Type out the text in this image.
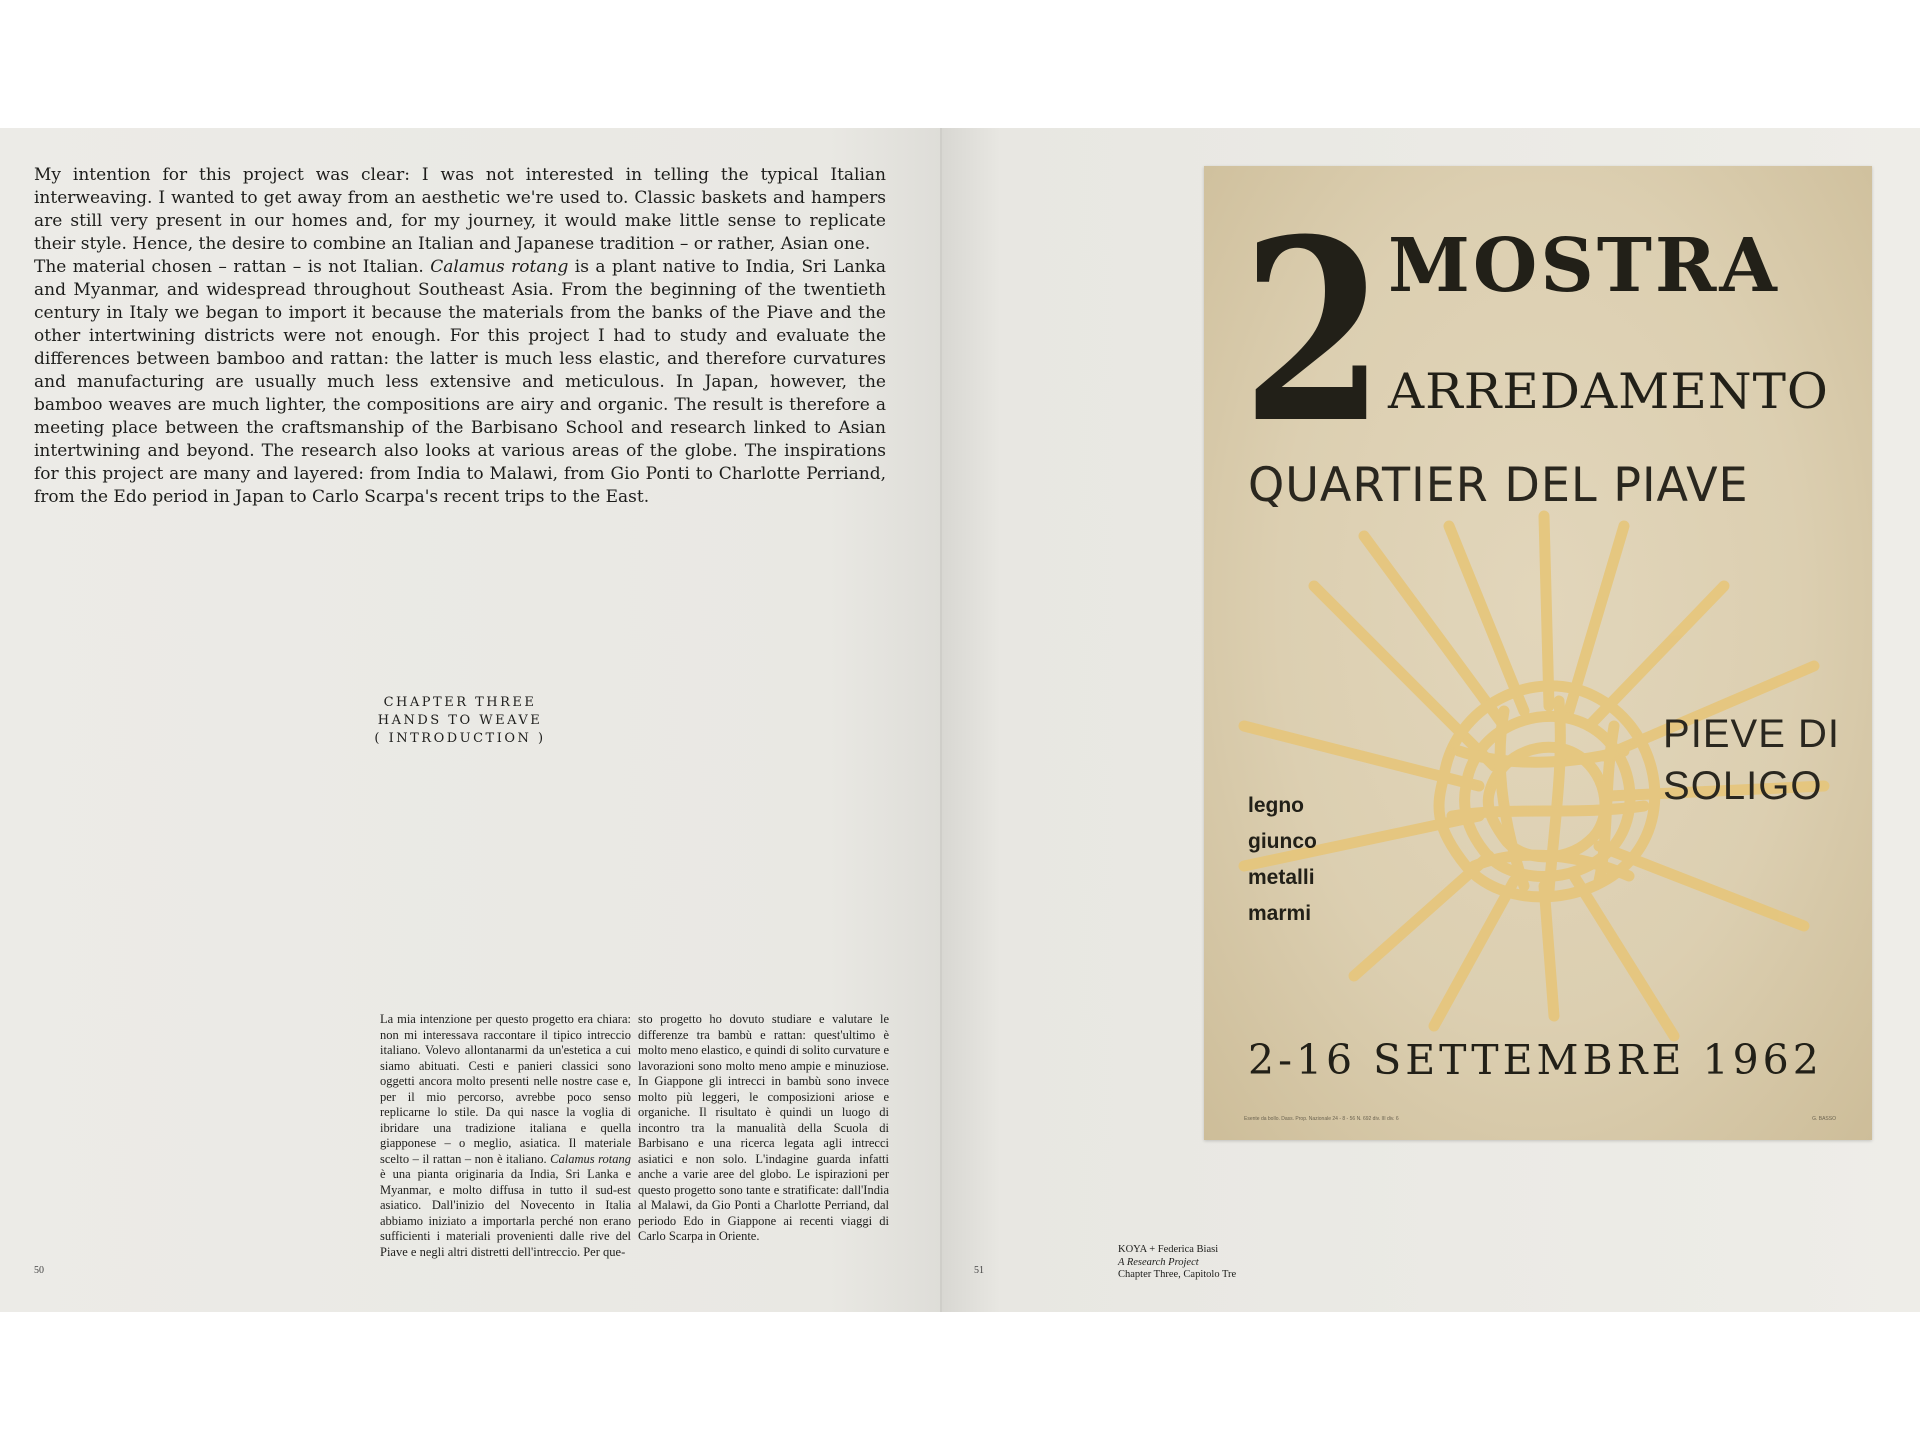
My intention for this project was clear: I was not interested in telling the typical Italian interweaving. I wanted to get away from an aesthetic we're used to. Classic baskets and hampers are still very present in our homes and, for my journey, it would make little sense to replicate their style. Hence, the desire to combine an Italian and Japanese tradition – or rather, Asian one.

The material chosen – rattan – is not Italian. Calamus rotang is a plant native to India, Sri Lanka and Myanmar, and widespread throughout Southeast Asia. From the beginning of the twentieth century in Italy we began to import it because the materials from the banks of the Piave and the other intertwining districts were not enough. For this project I had to study and evaluate the differences between bamboo and rattan: the latter is much less elastic, and therefore curvatures and manufacturing are usually much less extensive and meticulous. In Japan, however, the bamboo weaves are much lighter, the compositions are airy and organic. The result is therefore a meeting place between the craftsmanship of the Barbisano School and research linked to Asian intertwining and beyond. The research also looks at various areas of the globe. The inspirations for this project are many and layered: from India to Malawi, from Gio Ponti to Charlotte Perriand, from the Edo period in Japan to Carlo Scarpa's recent trips to the East.

CHAPTER THREE
HANDS TO WEAVE
( INTRODUCTION )

La mia intenzione per questo progetto era chiara: non mi interessava raccontare il tipico intreccio italiano. Volevo allontanarmi da un'estetica a cui siamo abituati. Cesti e panieri classici sono oggetti ancora molto presenti nelle nostre case e, per il mio percorso, avrebbe poco senso replicarne lo stile. Da qui nasce la voglia di ibridare una tradizione italiana e quella giapponese – o meglio, asiatica. Il materiale scelto – il rattan – non è italiano. Calamus rotang è una pianta originaria da India, Sri Lanka e Myanmar, e molto diffusa in tutto il sud-est asiatico. Dall'inizio del Novecento in Italia abbiamo iniziato a importarla perché non erano sufficienti i materiali provenienti dalle rive del Piave e negli altri distretti dell'intreccio. Per que-

sto progetto ho dovuto studiare e valutare le differenze tra bambù e rattan: quest'ultimo è molto meno elastico, e quindi di solito curvature e lavorazioni sono molto meno ampie e minuziose. In Giappone gli intrecci in bambù sono invece molto più leggeri, le composizioni ariose e organiche. Il risultato è quindi un luogo di incontro tra la manualità della Scuola di Barbisano e una ricerca legata agli intrecci asiatici e non solo. L'indagine guarda infatti anche a varie aree del globo. Le ispirazioni per questo progetto sono tante e stratificate: dall'India al Malawi, da Gio Ponti a Charlotte Perriand, dal periodo Edo in Giappone ai recenti viaggi di Carlo Scarpa in Oriente.

50
2 MOSTRA
ARREDAMENTO
QUARTIER DEL PIAVE
PIEVE DI
SOLIGO
legno
giunco
metalli
marmi
2-16 SETTEMBRE 1962
Esente da bollo. Dass. Prop. Nazionale 24 - 8 - 56 N. 692 div. III div. 6	G. BASSO
51
KOYA + Federica Biasi
A Research Project
Chapter Three, Capitolo Tre
